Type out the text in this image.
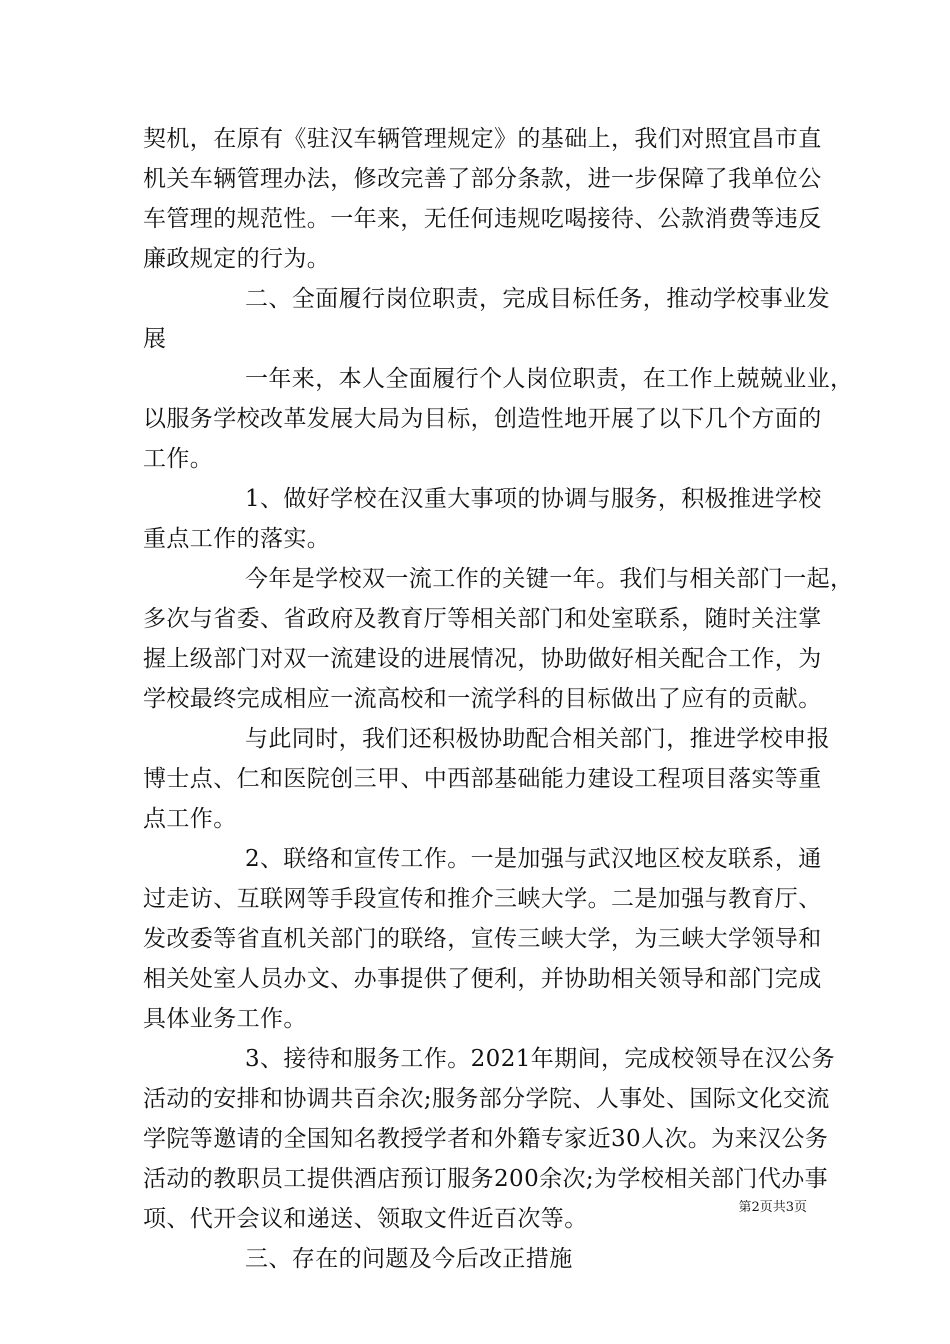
契机，在原有《驻汉车辆管理规定》的基础上，我们对照宜昌市直
机关车辆管理办法，修改完善了部分条款，进一步保障了我单位公
车管理的规范性。一年来，无任何违规吃喝接待、公款消费等违反
廉政规定的行为。
二、全面履行岗位职责，完成目标任务，推动学校事业发
展
一年来，本人全面履行个人岗位职责，在工作上兢兢业业，
以服务学校改革发展大局为目标，创造性地开展了以下几个方面的
工作。
1、做好学校在汉重大事项的协调与服务，积极推进学校
重点工作的落实。
今年是学校双一流工作的关键一年。我们与相关部门一起，
多次与省委、省政府及教育厅等相关部门和处室联系，随时关注掌
握上级部门对双一流建设的进展情况，协助做好相关配合工作，为
学校最终完成相应一流高校和一流学科的目标做出了应有的贡献。
与此同时，我们还积极协助配合相关部门，推进学校申报
博士点、仁和医院创三甲、中西部基础能力建设工程项目落实等重
点工作。
2、联络和宣传工作。一是加强与武汉地区校友联系，通
过走访、互联网等手段宣传和推介三峡大学。二是加强与教育厅、
发改委等省直机关部门的联络，宣传三峡大学，为三峡大学领导和
相关处室人员办文、办事提供了便利，并协助相关领导和部门完成
具体业务工作。
3、接待和服务工作。2021年期间，完成校领导在汉公务
活动的安排和协调共百余次;服务部分学院、人事处、国际文化交流
学院等邀请的全国知名教授学者和外籍专家近30人次。为来汉公务
活动的教职员工提供酒店预订服务200余次;为学校相关部门代办事
项、代开会议和递送、领取文件近百次等。
三、存在的问题及今后改正措施
第2页共3页
